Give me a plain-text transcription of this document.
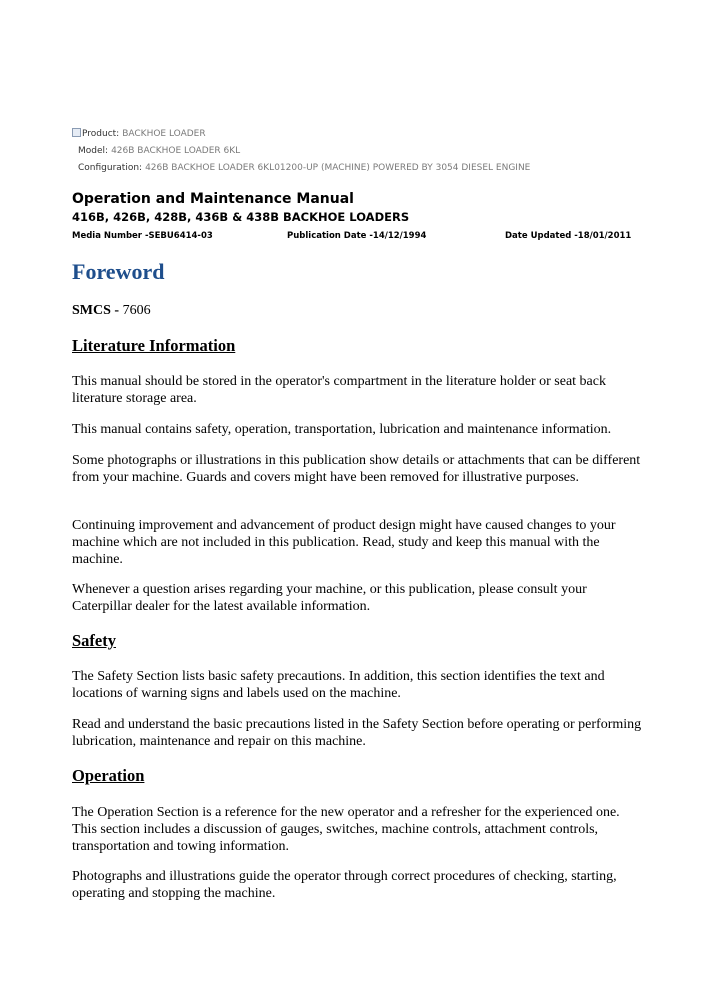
Product: BACKHOE LOADER
Model: 426B BACKHOE LOADER 6KL
Configuration: 426B BACKHOE LOADER 6KL01200-UP (MACHINE) POWERED BY 3054 DIESEL ENGINE
Operation and Maintenance Manual
416B, 426B, 428B, 436B & 438B BACKHOE LOADERS
Media Number -SEBU6414-03	Publication Date -14/12/1994	Date Updated -18/01/2011
Foreword
SMCS - 7606
Literature Information
This manual should be stored in the operator's compartment in the literature holder or seat back literature storage area.
This manual contains safety, operation, transportation, lubrication and maintenance information.
Some photographs or illustrations in this publication show details or attachments that can be different from your machine. Guards and covers might have been removed for illustrative purposes.
Continuing improvement and advancement of product design might have caused changes to your machine which are not included in this publication. Read, study and keep this manual with the machine.
Whenever a question arises regarding your machine, or this publication, please consult your Caterpillar dealer for the latest available information.
Safety
The Safety Section lists basic safety precautions. In addition, this section identifies the text and locations of warning signs and labels used on the machine.
Read and understand the basic precautions listed in the Safety Section before operating or performing lubrication, maintenance and repair on this machine.
Operation
The Operation Section is a reference for the new operator and a refresher for the experienced one. This section includes a discussion of gauges, switches, machine controls, attachment controls, transportation and towing information.
Photographs and illustrations guide the operator through correct procedures of checking, starting, operating and stopping the machine.
